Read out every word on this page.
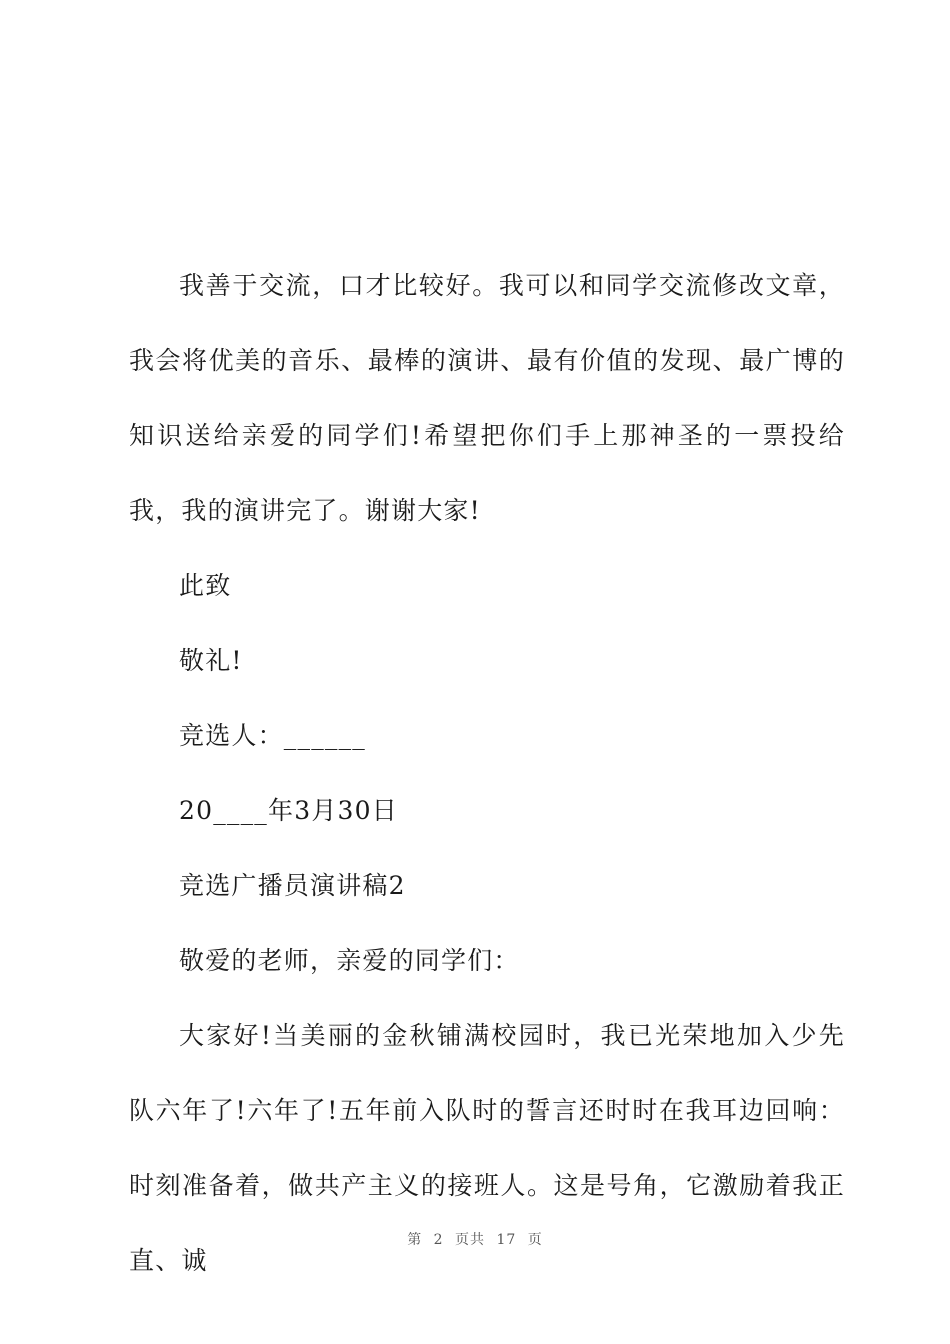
我善于交流，口才比较好。我可以和同学交流修改文章，我会将优美的音乐、最棒的演讲、最有价值的发现、最广博的知识送给亲爱的同学们!希望把你们手上那神圣的一票投给我，我的演讲完了。谢谢大家!

此致

敬礼!

竞选人：______

20____年3月30日

竞选广播员演讲稿2

敬爱的老师，亲爱的同学们：

大家好!当美丽的金秋铺满校园时，我已光荣地加入少先队六年了!六年了!五年前入队时的誓言还时时在我耳边回响：时刻准备着，做共产主义的接班人。这是号角，它激励着我正直、诚

第 2 页共 17 页
